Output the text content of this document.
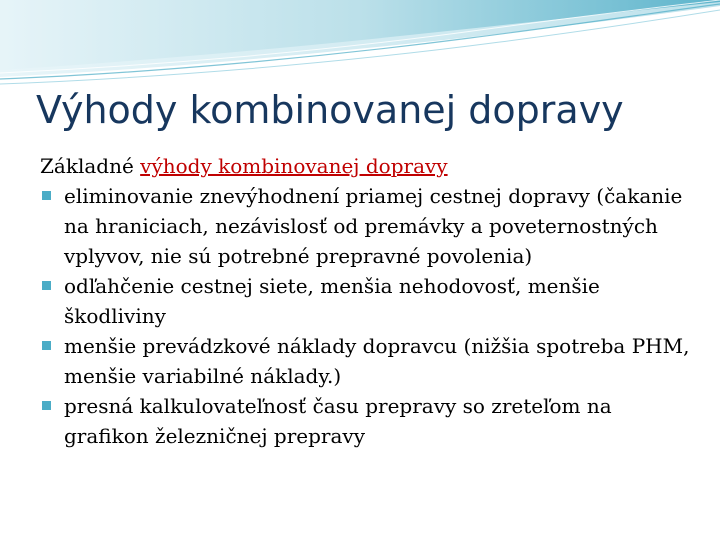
Výhody kombinovanej dopravy

Základné výhody kombinovanej dopravy

eliminovanie znevýhodnení priamej cestnej dopravy (čakanie na hraniciach, nezávislosť od premávky a poveternostných vplyvov, nie sú potrebné prepravné povolenia)
odľahčenie cestnej siete, menšia nehodovosť, menšie škodliviny
menšie prevádzkové náklady dopravcu (nižšia spotreba PHM, menšie variabilné náklady.)
presná kalkulovateľnosť času prepravy so zreteľom na grafikon železničnej prepravy
